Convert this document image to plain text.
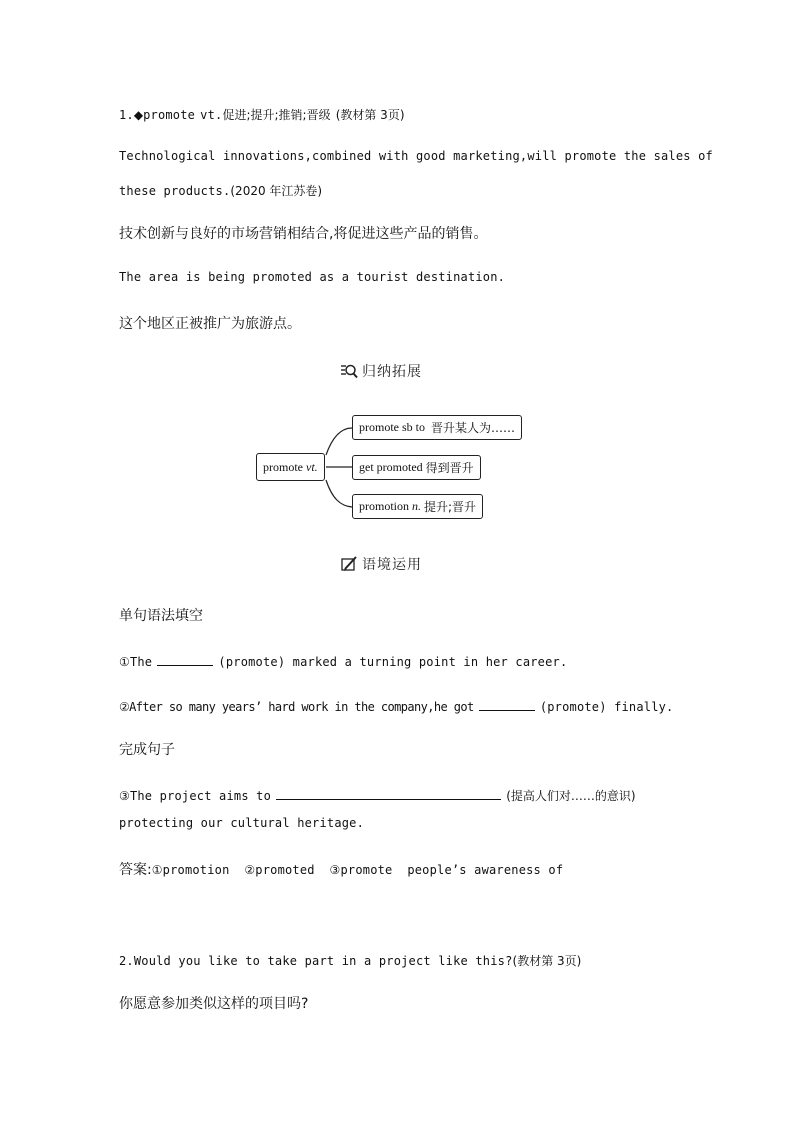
1.◆promote vt.促进;提升;推销;晋级 (教材第 3页)
Technological innovations,combined with good marketing,will promote the sales of
these products.(2020 年江苏卷)
技术创新与良好的市场营销相结合,将促进这些产品的销售。
The area is being promoted as a tourist destination.
这个地区正被推广为旅游点。
归纳拓展
promote
vt.
promote sb to
晋升某人为……
get promoted
得到晋升
promotion
n.
提升;晋升
语境运用
单句语法填空
①The	(promote) marked a turning point in her career.
②After so many years’ hard work in the company,he got	(promote) finally.
完成句子
③The project aims to	(提高人们对……的意识)
protecting our cultural heritage.
答案:①promotion  ②promoted  ③promote  people’s awareness of
2.Would you like to take part in a project like this?(教材第 3页)
你愿意参加类似这样的项目吗?
